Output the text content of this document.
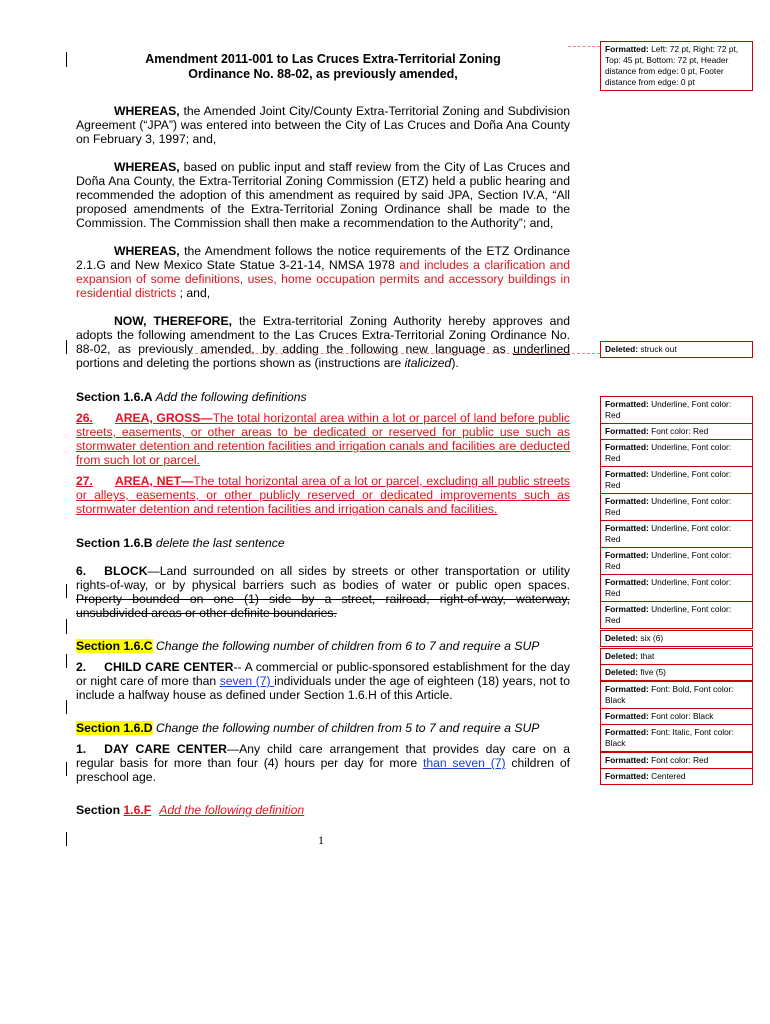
Amendment 2011-001 to Las Cruces Extra-Territorial Zoning

Ordinance No. 88-02, as previously amended,

WHEREAS, the Amended Joint City/County Extra-Territorial Zoning and Subdivision Agreement (“JPA”) was entered into between the City of Las Cruces and Doña Ana County on February 3, 1997; and,

WHEREAS, based on public input and staff review from the City of Las Cruces and Doña Ana County, the Extra-Territorial Zoning Commission (ETZ) held a public hearing and recommended the adoption of this amendment as required by said JPA, Section IV.A, “All proposed amendments of the Extra-Territorial Zoning Ordinance shall be made to the Commission. The Commission shall then make a recommendation to the Authority”; and,

WHEREAS, the Amendment follows the notice requirements of the ETZ Ordinance 2.1.G and New Mexico State Statue 3-21-14, NMSA 1978 and includes a clarification and expansion of some definitions, uses, home occupation permits and accessory buildings in residential districts ; and,

NOW, THEREFORE, the Extra-territorial Zoning Authority hereby approves and adopts the following amendment to the Las Cruces Extra-Territorial Zoning Ordinance No. 88-02, as previously amended, by adding the following new language as underlined portions and deleting the portions shown as (instructions are italicized).

Section 1.6.A Add the following definitions

26. AREA, GROSS—The total horizontal area within a lot or parcel of land before public streets, easements, or other areas to be dedicated or reserved for public use such as stormwater detention and retention facilities and irrigation canals and facilities are deducted from such lot or parcel.

27. AREA, NET—The total horizontal area of a lot or parcel, excluding all public streets or alleys, easements, or other publicly reserved or dedicated improvements such as stormwater detention and retention facilities and irrigation canals and facilities.

Section 1.6.B delete the last sentence

6. BLOCK—Land surrounded on all sides by streets or other transportation or utility rights-of-way, or by physical barriers such as bodies of water or public open spaces. Property bounded on one (1) side by a street, railroad, right-of-way, waterway, unsubdivided areas or other definite boundaries.

Section 1.6.C Change the following number of children from 6 to 7 and require a SUP

2. CHILD CARE CENTER-- A commercial or public-sponsored establishment for the day or night care of more than seven (7) individuals under the age of eighteen (18) years, not to include a halfway house as defined under Section 1.6.H of this Article.

Section 1.6.D Change the following number of children from 5 to 7 and require a SUP

1. DAY CARE CENTER—Any child care arrangement that provides day care on a regular basis for more than four (4) hours per day for more than seven (7) children of preschool age.

Section 1.6.F Add the following definition

1
Formatted: Left: 72 pt, Right: 72 pt, Top: 45 pt, Bottom: 72 pt, Header distance from edge: 0 pt, Footer distance from edge: 0 pt
Deleted: struck out
Formatted: Underline, Font color: Red
Formatted: Font color: Red
Formatted: Underline, Font color: Red
Formatted: Underline, Font color: Red
Formatted: Underline, Font color: Red
Formatted: Underline, Font color: Red
Formatted: Underline, Font color: Red
Formatted: Underline, Font color: Red
Formatted: Underline, Font color: Red
Deleted: six (6)
Deleted: that
Deleted: five (5)
Formatted: Font: Bold, Font color: Black
Formatted: Font color: Black
Formatted: Font: Italic, Font color: Black
Formatted: Font color: Red
Formatted: Centered
